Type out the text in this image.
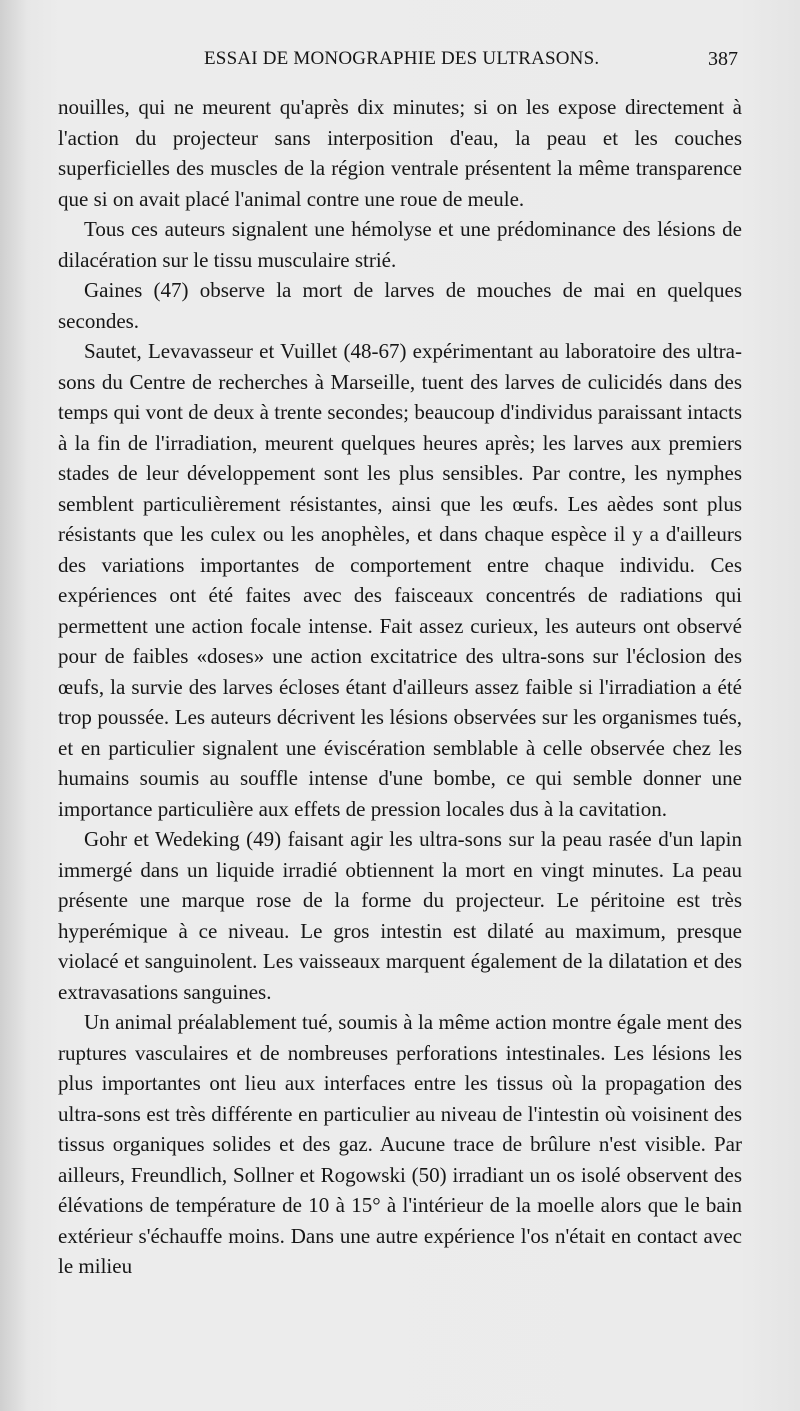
ESSAI DE MONOGRAPHIE DES ULTRASONS.	387

nouilles, qui ne meurent qu'après dix minutes; si on les expose directement à l'action du projecteur sans interposition d'eau, la peau et les couches superficielles des muscles de la région ventrale présentent la même transparence que si on avait placé l'animal contre une roue de meule.

Tous ces auteurs signalent une hémolyse et une prédominance des lésions de dilacération sur le tissu musculaire strié.

Gaines (47) observe la mort de larves de mouches de mai en quelques secondes.

Sautet, Levavasseur et Vuillet (48-67) expérimentant au laboratoire des ultra-sons du Centre de recherches à Marseille, tuent des larves de culicidés dans des temps qui vont de deux à trente secondes; beaucoup d'individus paraissant intacts à la fin de l'irradiation, meurent quelques heures après; les larves aux premiers stades de leur développement sont les plus sensibles. Par contre, les nymphes semblent particulièrement résistantes, ainsi que les œufs. Les aèdes sont plus résistants que les culex ou les anophèles, et dans chaque espèce il y a d'ailleurs des variations importantes de comportement entre chaque individu. Ces expériences ont été faites avec des faisceaux concentrés de radiations qui permettent une action focale intense. Fait assez curieux, les auteurs ont observé pour de faibles «doses» une action excitatrice des ultra-sons sur l'éclosion des œufs, la survie des larves écloses étant d'ailleurs assez faible si l'irradiation a été trop poussée. Les auteurs décrivent les lésions observées sur les organismes tués, et en particulier signalent une éviscération semblable à celle observée chez les humains soumis au souffle intense d'une bombe, ce qui semble donner une importance particulière aux effets de pression locales dus à la cavitation.

Gohr et Wedeking (49) faisant agir les ultra-sons sur la peau rasée d'un lapin immergé dans un liquide irradié obtiennent la mort en vingt minutes. La peau présente une marque rose de la forme du projecteur. Le péritoine est très hyperémique à ce niveau. Le gros intestin est dilaté au maximum, presque violacé et sanguinolent. Les vaisseaux marquent également de la dilatation et des extravasations sanguines.

Un animal préalablement tué, soumis à la même action montre égale ment des ruptures vasculaires et de nombreuses perforations intestinales. Les lésions les plus importantes ont lieu aux interfaces entre les tissus où la propagation des ultra-sons est très différente en particulier au niveau de l'intestin où voisinent des tissus organiques solides et des gaz. Aucune trace de brûlure n'est visible. Par ailleurs, Freundlich, Sollner et Rogowski (50) irradiant un os isolé observent des élévations de température de 10 à 15° à l'intérieur de la moelle alors que le bain extérieur s'échauffe moins. Dans une autre expérience l'os n'était en contact avec le milieu
